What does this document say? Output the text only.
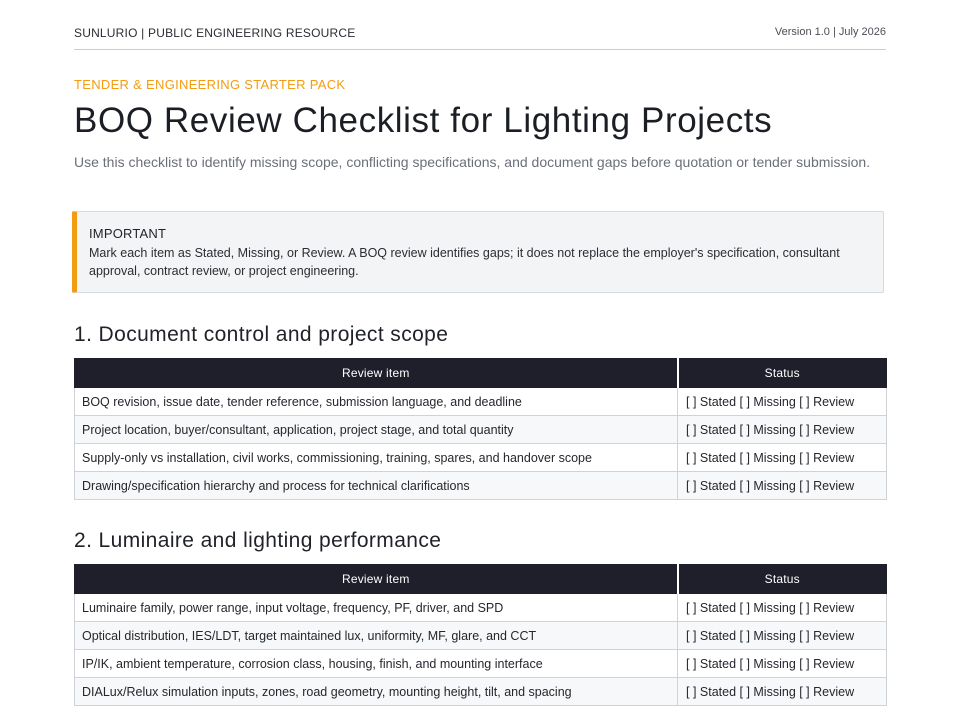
SUNLURIO | PUBLIC ENGINEERING RESOURCE	Version 1.0 | July 2026
TENDER & ENGINEERING STARTER PACK
BOQ Review Checklist for Lighting Projects
Use this checklist to identify missing scope, conflicting specifications, and document gaps before quotation or tender submission.
IMPORTANT
Mark each item as Stated, Missing, or Review. A BOQ review identifies gaps; it does not replace the employer's specification, consultant approval, contract review, or project engineering.
1. Document control and project scope
Review item	Status
BOQ revision, issue date, tender reference, submission language, and deadline	[ ] Stated [ ] Missing [ ] Review
Project location, buyer/consultant, application, project stage, and total quantity	[ ] Stated [ ] Missing [ ] Review
Supply-only vs installation, civil works, commissioning, training, spares, and handover scope	[ ] Stated [ ] Missing [ ] Review
Drawing/specification hierarchy and process for technical clarifications	[ ] Stated [ ] Missing [ ] Review
2. Luminaire and lighting performance
Review item	Status
Luminaire family, power range, input voltage, frequency, PF, driver, and SPD	[ ] Stated [ ] Missing [ ] Review
Optical distribution, IES/LDT, target maintained lux, uniformity, MF, glare, and CCT	[ ] Stated [ ] Missing [ ] Review
IP/IK, ambient temperature, corrosion class, housing, finish, and mounting interface	[ ] Stated [ ] Missing [ ] Review
DIALux/Relux simulation inputs, zones, road geometry, mounting height, tilt, and spacing	[ ] Stated [ ] Missing [ ] Review
